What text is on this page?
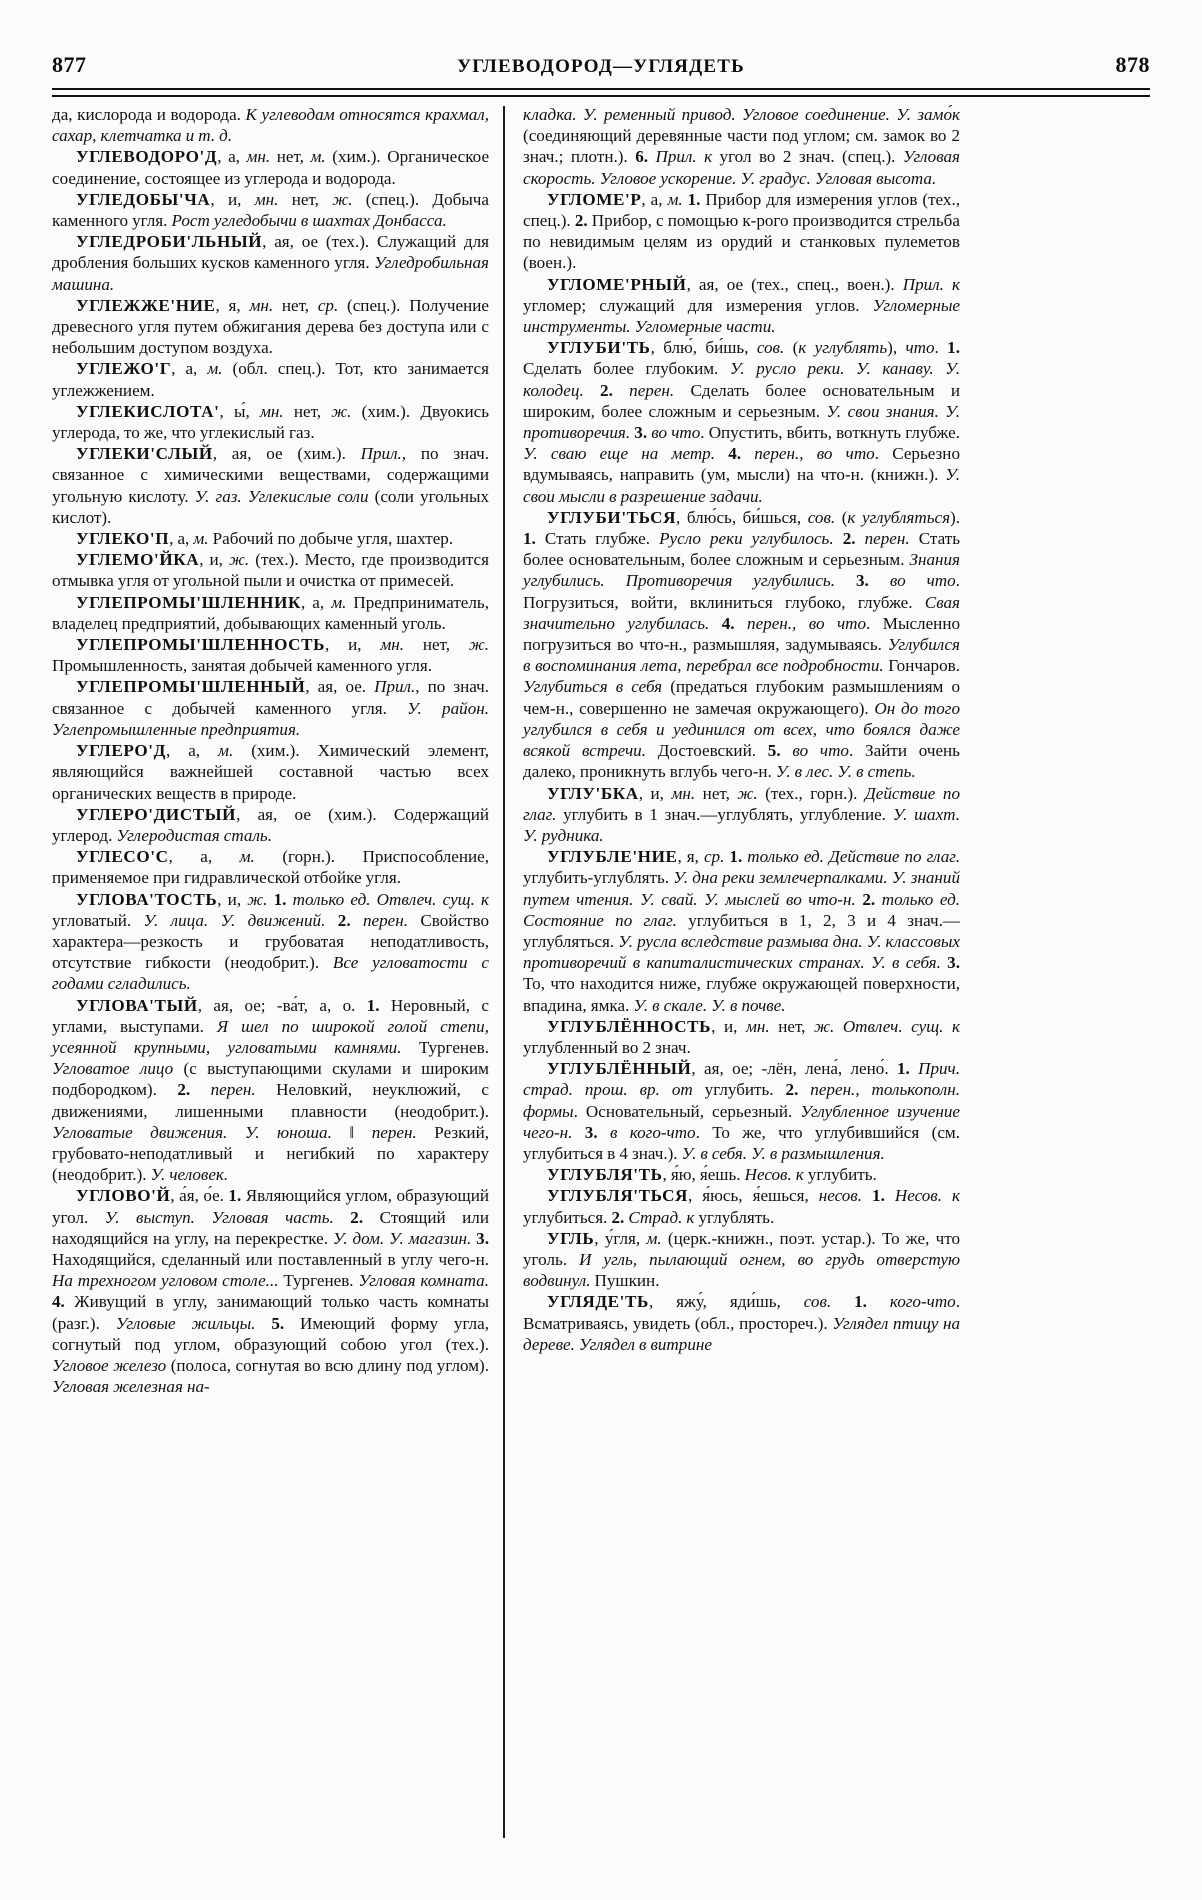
877	УГЛЕВОДОРОД—УГЛЯДЕТЬ	878

да, кислорода и водорода. К углеводам относятся крахмал, сахар, клетчатка и т. д.

УГЛЕВОДОРО'Д, а, мн. нет, м. (хим.). Органическое соединение, состоящее из углерода и водорода.

УГЛЕДОБЫ'ЧА, и, мн. нет, ж. (спец.). Добыча каменного угля. Рост угледобычи в шахтах Донбасса.

УГЛЕДРОБИ'ЛЬНЫЙ, ая, ое (тех.). Служащий для дробления больших кусков каменного угля. Угледробильная машина.

УГЛЕЖЖЕ'НИЕ, я, мн. нет, ср. (спец.). Получение древесного угля путем обжигания дерева без доступа или с небольшим доступом воздуха.

УГЛЕЖО'Г, а, м. (обл. спец.). Тот, кто занимается углежжением.

УГЛЕКИСЛОТА', ы́, мн. нет, ж. (хим.). Двуокись углерода, то же, что углекислый газ.

УГЛЕКИ'СЛЫЙ, ая, ое (хим.). Прил., по знач. связанное с химическими веществами, содержащими угольную кислоту. У. газ. Углекислые соли (соли угольных кислот).

УГЛЕКО'П, а, м. Рабочий по добыче угля, шахтер.

УГЛЕМО'ЙКА, и, ж. (тех.). Место, где производится отмывка угля от угольной пыли и очистка от примесей.

УГЛЕПРОМЫ'ШЛЕННИК, а, м. Предприниматель, владелец предприятий, добывающих каменный уголь.

УГЛЕПРОМЫ'ШЛЕННОСТЬ, и, мн. нет, ж. Промышленность, занятая добычей каменного угля.

УГЛЕПРОМЫ'ШЛЕННЫЙ, ая, ое. Прил., по знач. связанное с добычей каменного угля. У. район. Углепромышленные предприятия.

УГЛЕРО'Д, а, м. (хим.). Химический элемент, являющийся важнейшей составной частью всех органических веществ в природе.

УГЛЕРО'ДИСТЫЙ, ая, ое (хим.). Содержащий углерод. Углеродистая сталь.

УГЛЕСО'С, а, м. (горн.). Приспособление, применяемое при гидравлической отбойке угля.

УГЛОВА'ТОСТЬ, и, ж. 1. только ед. Отвлеч. сущ. к угловатый. У. лица. У. движений. 2. перен. Свойство характера—резкость и грубоватая неподатливость, отсутствие гибкости (неодобрит.). Все угловатости с годами сгладились.

УГЛОВА'ТЫЙ, ая, ое; -ва́т, а, о. 1. Неровный, с углами, выступами. Я шел по широкой голой степи, усеянной крупными, угловатыми камнями. Тургенев. Угловатое лицо (с выступающими скулами и широким подбородком). 2. перен. Неловкий, неуклюжий, с движениями, лишенными плавности (неодобрит.). Угловатые движения. У. юноша. ‖ перен. Резкий, грубовато-неподатливый и негибкий по характеру (неодобрит.). У. человек.

УГЛОВО'Й, а́я, о́е. 1. Являющийся углом, образующий угол. У. выступ. Угловая часть. 2. Стоящий или находящийся на углу, на перекрестке. У. дом. У. магазин. 3. Находящийся, сделанный или поставленный в углу чего-н. На трехногом угловом столе... Тургенев. Угловая комната. 4. Живущий в углу, занимающий только часть комнаты (разг.). Угловые жильцы. 5. Имеющий форму угла, согнутый под углом, образующий собою угол (тех.). Угловое железо (полоса, согнутая во всю длину под углом). Угловая железная на-

кладка. У. ременный привод. Угловое соединение. У. замо́к (соединяющий деревянные части под углом; см. замок во 2 знач.; плотн.). 6. Прил. к угол во 2 знач. (спец.). Угловая скорость. Угловое ускорение. У. градус. Угловая высота.

УГЛОМЕ'Р, а, м. 1. Прибор для измерения углов (тех., спец.). 2. Прибор, с помощью к-рого производится стрельба по невидимым целям из орудий и станковых пулеметов (воен.).

УГЛОМЕ'РНЫЙ, ая, ое (тех., спец., воен.). Прил. к угломер; служащий для измерения углов. Угломерные инструменты. Угломерные части.

УГЛУБИ'ТЬ, блю́, би́шь, сов. (к углублять), что. 1. Сделать более глубоким. У. русло реки. У. канаву. У. колодец. 2. перен. Сделать более основательным и широким, более сложным и серьезным. У. свои знания. У. противоречия. 3. во что. Опустить, вбить, воткнуть глубже. У. сваю еще на метр. 4. перен., во что. Серьезно вдумываясь, направить (ум, мысли) на что-н. (книжн.). У. свои мысли в разрешение задачи.

УГЛУБИ'ТЬСЯ, блю́сь, би́шься, сов. (к углубляться). 1. Стать глубже. Русло реки углубилось. 2. перен. Стать более основательным, более сложным и серьезным. Знания углубились. Противоречия углубились. 3. во что. Погрузиться, войти, вклиниться глубоко, глубже. Свая значительно углубилась. 4. перен., во что. Мысленно погрузиться во что-н., размышляя, задумываясь. Углубился в воспоминания лета, перебрал все подробности. Гончаров. Углубиться в себя (предаться глубоким размышлениям о чем-н., совершенно не замечая окружающего). Он до того углубился в себя и уединился от всех, что боялся даже всякой встречи. Достоевский. 5. во что. Зайти очень далеко, проникнуть вглубь чего-н. У. в лес. У. в степь.

УГЛУ'БКА, и, мн. нет, ж. (тех., горн.). Действие по глаг. углубить в 1 знач.—углублять, углубление. У. шахт. У. рудника.

УГЛУБЛЕ'НИЕ, я, ср. 1. только ед. Действие по глаг. углубить-углублять. У. дна реки землечерпалками. У. знаний путем чтения. У. свай. У. мыслей во что-н. 2. только ед. Состояние по глаг. углубиться в 1, 2, 3 и 4 знач.—углубляться. У. русла вследствие размыва дна. У. классовых противоречий в капиталистических странах. У. в себя. 3. То, что находится ниже, глубже окружающей поверхности, впадина, ямка. У. в скале. У. в почве.

УГЛУБЛЁННОСТЬ, и, мн. нет, ж. Отвлеч. сущ. к углубленный во 2 знач.

УГЛУБЛЁННЫЙ, ая, ое; -лён, лена́, лено́. 1. Прич. страд. прош. вр. от углубить. 2. перен., толькополн. формы. Основательный, серьезный. Углубленное изучение чего-н. 3. в кого-что. То же, что углубившийся (см. углубиться в 4 знач.). У. в себя. У. в размышления.

УГЛУБЛЯ'ТЬ, я́ю, я́ешь. Несов. к углубить.

УГЛУБЛЯ'ТЬСЯ, я́юсь, я́ешься, несов. 1. Несов. к углубиться. 2. Страд. к углублять.

УГЛЬ, у́гля, м. (церк.-книжн., поэт. устар.). То же, что уголь. И угль, пылающий огнем, во грудь отверстую водвинул. Пушкин.

УГЛЯДЕ'ТЬ, яжу́, яди́шь, сов. 1. кого-что. Всматриваясь, увидеть (обл., простореч.). Углядел птицу на дереве. Углядел в витрине
